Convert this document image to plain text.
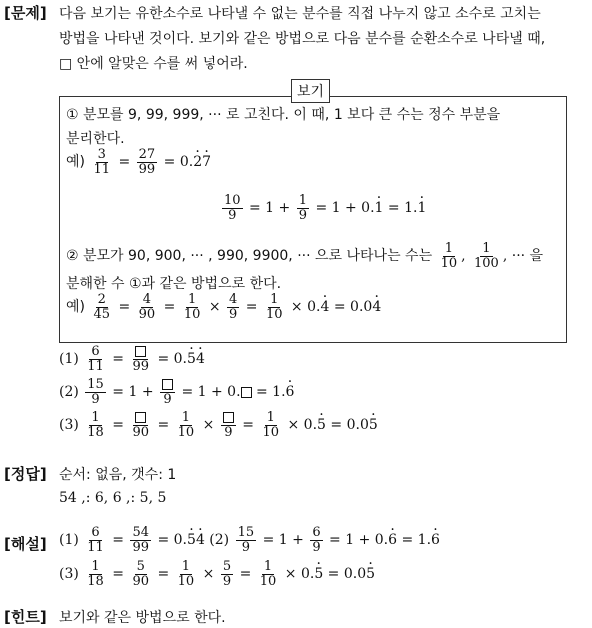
[문제] 다음 보기는 유한소수로 나타낼 수 없는 분수를 직접 나누지 않고 소수로 고치는
방법을 나타낸 것이다. 보기와 같은 방법으로 다음 분수를 순환소수로 나타낼 때,
□ 안에 알맞은 수를 써 넣어라.
보기
① 분모를 9, 99, 999, ··· 로 고친다. 이 때, 1 보다 큰 수는 정수 부분을
분리한다.
예) $\frac{3}{11} = \frac{27}{99} = 0.\cdot 2\cdot 7$
$\frac{10}{9} = 1 + \frac{1}{9} = 1 + 0.\cdot 1 = 1.\cdot 1$
② 분모가 90, 900, ··· , 990, 9900, ··· 으로 나타나는 수는 $\frac{1}{10}$ , $\frac{1}{100}$ , ··· 을
분해한 수 ①과 같은 방법으로 한다.
예) $\frac{2}{45} = \frac{4}{90} = \frac{1}{10} \times \frac{4}{9} = \frac{1}{10} \times 0.\cdot 4 = 0.0\cdot 4$
$(1) \frac{6}{11} = 99 = 0.\cdot 5\cdot 4$
$(2) \frac{15}{9} = 1 + 9 = 1 + 0$. = 1.· 6
$(3) \frac{1}{18} = 90 = \frac{1}{10} \times 9 = \frac{1}{10} \times 0.\cdot 5 = 0.0\cdot 5$
[정답] 순서: 없음, 갯수: 1
54 ,: 6, 6 ,: 5, 5
[해설] $(1) \frac{6}{11} = \frac{54}{99} = 0.\cdot 5\cdot 4$ $(2) \frac{15}{9} = 1 + \frac{6}{9} = 1 + 0.\cdot 6 = 1.\cdot 6$
$(3) \frac{1}{18} = \frac{5}{90} = \frac{1}{10} \times \frac{5}{9} = \frac{1}{10} \times 0.\cdot 5 = 0.0\cdot 5$
[힌트] 보기와 같은 방법으로 한다.
